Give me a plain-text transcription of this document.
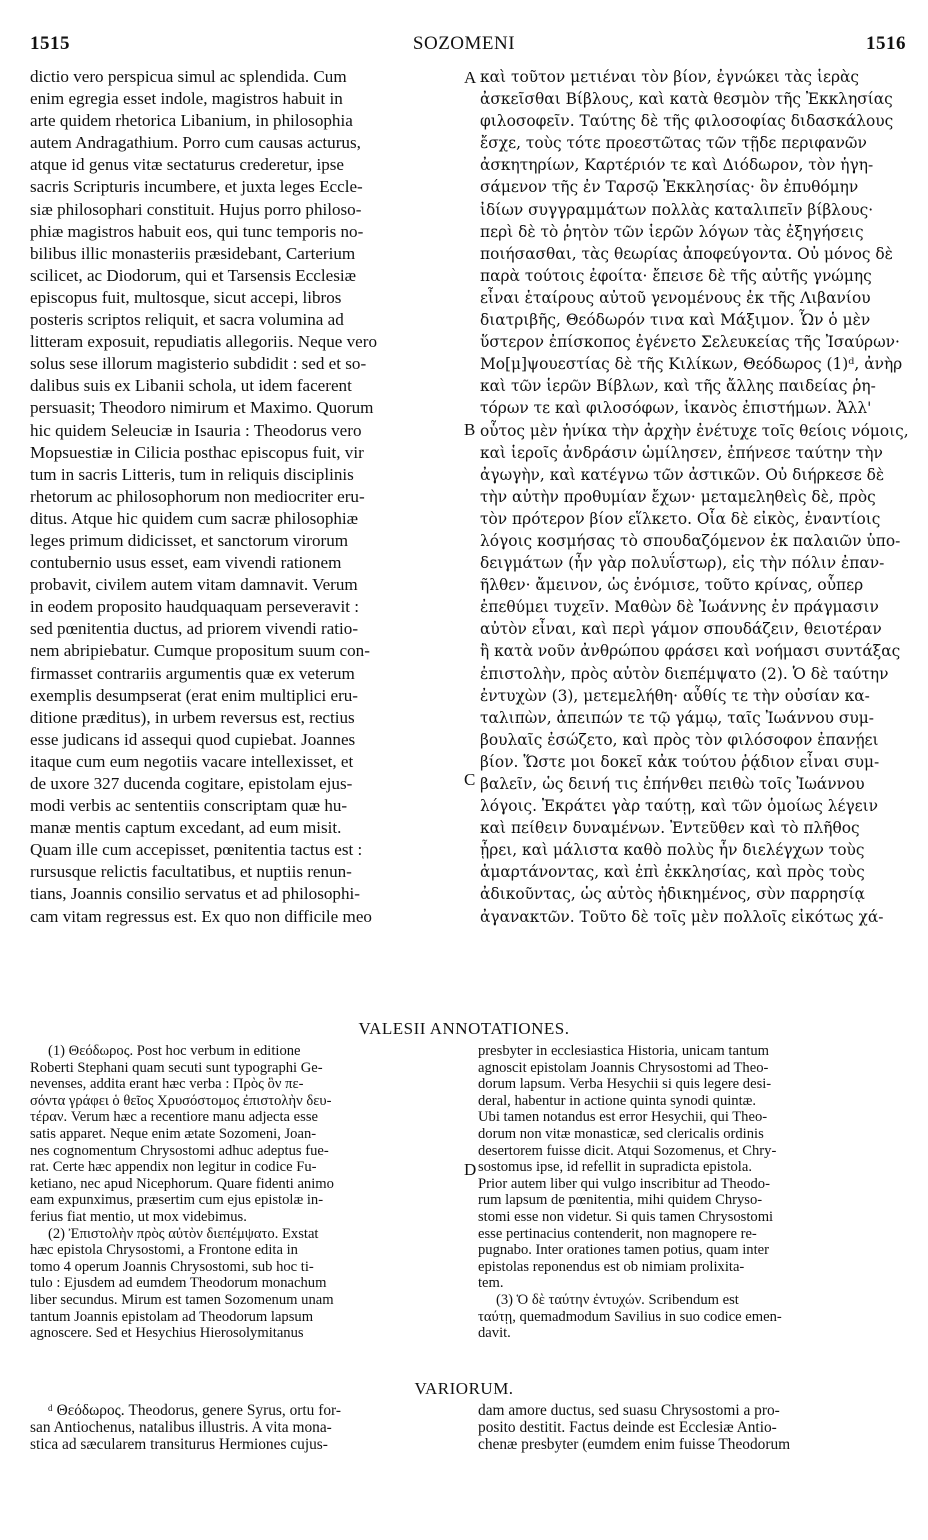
1515	SOZOMENI	1516
dictio vero perspicua simul ac splendida. Cum
enim egregia esset indole, magistros habuit in
arte quidem rhetorica Libanium, in philosophia
autem Andragathium. Porro cum causas acturus,
atque id genus vitæ sectaturus crederetur, ipse
sacris Scripturis incumbere, et juxta leges Eccle-
siæ philosophari constituit. Hujus porro philoso-
phiæ magistros habuit eos, qui tunc temporis no-
bilibus illic monasteriis præsidebant, Carterium
scilicet, ac Diodorum, qui et Tarsensis Ecclesiæ
episcopus fuit, multosque, sicut accepi, libros
posteris scriptos reliquit, et sacra volumina ad
litteram exposuit, repudiatis allegoriis. Neque vero
solus sese illorum magisterio subdidit : sed et so-
dalibus suis ex Libanii schola, ut idem facerent
persuasit; Theodoro nimirum et Maximo. Quorum
hic quidem Seleuciæ in Isauria : Theodorus vero
Mopsuestiæ in Cilicia posthac episcopus fuit, vir
tum in sacris Litteris, tum in reliquis disciplinis
rhetorum ac philosophorum non mediocriter eru-
ditus. Atque hic quidem cum sacræ philosophiæ
leges primum didicisset, et sanctorum virorum
contubernio usus esset, eam vivendi rationem
probavit, civilem autem vitam damnavit. Verum
in eodem proposito haudquaquam perseveravit :
sed pœnitentia ductus, ad priorem vivendi ratio-
nem abripiebatur. Cumque propositum suum con-
firmasset contrariis argumentis quæ ex veterum
exemplis desumpserat (erat enim multiplici eru-
ditione præditus), in urbem reversus est, rectius
esse judicans id assequi quod cupiebat. Joannes
itaque cum eum negotiis vacare intellexisset, et
de uxore 327 ducenda cogitare, epistolam ejus-
modi verbis ac sententiis conscriptam quæ hu-
manæ mentis captum excedant, ad eum misit.
Quam ille cum accepisset, pœnitentia tactus est :
rursusque relictis facultatibus, et nuptiis renun-
tians, Joannis consilio servatus et ad philosophi-
cam vitam regressus est. Ex quo non difficile meo
καὶ τοῦτον μετιέναι τὸν βίον, ἐγνώκει τὰς ἱερὰς
ἀσκεῖσθαι Βίβλους, καὶ κατὰ θεσμὸν τῆς Ἐκκλησίας
φιλοσοφεῖν. Ταύτης δὲ τῆς φιλοσοφίας διδασκάλους
ἔσχε, τοὺς τότε προεστῶτας τῶν τῇδε περιφανῶν
ἀσκητηρίων, Καρτέριόν τε καὶ Διόδωρον, τὸν ἡγη-
σάμενον τῆς ἐν Ταρσῷ Ἐκκλησίας· ὃν ἐπυθόμην
ἰδίων συγγραμμάτων πολλὰς καταλιπεῖν βίβλους·
περὶ δὲ τὸ ῥητὸν τῶν ἱερῶν λόγων τὰς ἐξηγήσεις
ποιήσασθαι, τὰς θεωρίας ἀποφεύγοντα. Οὐ μόνος δὲ
παρὰ τούτοις ἐφοίτα· ἔπεισε δὲ τῆς αὐτῆς γνώμης
εἶναι ἑταίρους αὐτοῦ γενομένους ἐκ τῆς Λιβανίου
διατριβῆς, Θεόδωρόν τινα καὶ Μάξιμον. Ὧν ὁ μὲν
ὕστερον ἐπίσκοπος ἐγένετο Σελευκείας τῆς Ἰσαύρων·
Μο[μ]ψουεστίας δὲ τῆς Κιλίκων, Θεόδωρος (1)ᵈ, ἀνὴρ
καὶ τῶν ἱερῶν Βίβλων, καὶ τῆς ἄλλης παιδείας ῥη-
τόρων τε καὶ φιλοσόφων, ἱκανὸς ἐπιστήμων. Ἀλλ'
οὗτος μὲν ἡνίκα τὴν ἀρχὴν ἐνέτυχε τοῖς θείοις νόμοις,
καὶ ἱεροῖς ἀνδράσιν ὡμίλησεν, ἐπήνεσε ταύτην τὴν
ἀγωγὴν, καὶ κατέγνω τῶν ἀστικῶν. Οὐ διήρκεσε δὲ
τὴν αὐτὴν προθυμίαν ἔχων· μεταμεληθεὶς δὲ, πρὸς
τὸν πρότερον βίον εἵλκετο. Οἷα δὲ εἰκὸς, ἐναντίοις
λόγοις κοσμήσας τὸ σπουδαζόμενον ἐκ παλαιῶν ὑπο-
δειγμάτων (ἦν γὰρ πολυΐστωρ), εἰς τὴν πόλιν ἐπαν-
ῆλθεν· ἄμεινον, ὡς ἐνόμισε, τοῦτο κρίνας, οὗπερ
ἐπεθύμει τυχεῖν. Μαθὼν δὲ Ἰωάννης ἐν πράγμασιν
αὐτὸν εἶναι, καὶ περὶ γάμον σπουδάζειν, θειοτέραν
ἢ κατὰ νοῦν ἀνθρώπου φράσει καὶ νοήμασι συντάξας
ἐπιστολὴν, πρὸς αὐτὸν διεπέμψατο (2). Ὁ δὲ ταύτην
ἐντυχὼν (3), μετεμελήθη· αὖθίς τε τὴν οὐσίαν κα-
ταλιπὼν, ἀπειπών τε τῷ γάμῳ, ταῖς Ἰωάννου συμ-
βουλαῖς ἐσώζετο, καὶ πρὸς τὸν φιλόσοφον ἐπανῄει
βίον. Ὥστε μοι δοκεῖ κἀκ τούτου ῥᾴδιον εἶναι συμ-
βαλεῖν, ὡς δεινή τις ἐπήνθει πειθὼ τοῖς Ἰωάννου
λόγοις. Ἐκράτει γὰρ ταύτῃ, καὶ τῶν ὁμοίως λέγειν
καὶ πείθειν δυναμένων. Ἐντεῦθεν καὶ τὸ πλῆθος
ᾖρει, καὶ μάλιστα καθὸ πολὺς ἦν διελέγχων τοὺς
ἁμαρτάνοντας, καὶ ἐπὶ ἐκκλησίας, καὶ πρὸς τοὺς
ἀδικοῦντας, ὡς αὐτὸς ἠδικημένος, σὺν παρρησίᾳ
ἀγανακτῶν. Τοῦτο δὲ τοῖς μὲν πολλοῖς εἰκότως χά-
A
B
C
D
VALESII ANNOTATIONES.
(1) Θεόδωρος. Post hoc verbum in editione
Roberti Stephani quam secuti sunt typographi Ge-
nevenses, addita erant hæc verba : Πρὸς ὃν πε-
σόντα γράφει ὁ θεῖος Χρυσόστομος ἐπιστολὴν δευ-
τέραν. Verum hæc a recentiore manu adjecta esse
satis apparet. Neque enim ætate Sozomeni, Joan-
nes cognomentum Chrysostomi adhuc adeptus fue-
rat. Certe hæc appendix non legitur in codice Fu-
ketiano, nec apud Nicephorum. Quare fidenti animo
eam expunximus, præsertim cum ejus epistolæ in-
ferius fiat mentio, ut mox videbimus.
(2) Ἐπιστολὴν πρὸς αὐτὸν διεπέμψατο. Exstat
hæc epistola Chrysostomi, a Frontone edita in
tomo 4 operum Joannis Chrysostomi, sub hoc ti-
tulo : Ejusdem ad eumdem Theodorum monachum
liber secundus. Mirum est tamen Sozomenum unam
tantum Joannis epistolam ad Theodorum lapsum
agnoscere. Sed et Hesychius Hierosolymitanus
presbyter in ecclesiastica Historia, unicam tantum
agnoscit epistolam Joannis Chrysostomi ad Theo-
dorum lapsum. Verba Hesychii si quis legere desi-
deral, habentur in actione quinta synodi quintæ.
Ubi tamen notandus est error Hesychii, qui Theo-
dorum non vitæ monasticæ, sed clericalis ordinis
desertorem fuisse dicit. Atqui Sozomenus, et Chry-
sostomus ipse, id refellit in supradicta epistola.
Prior autem liber qui vulgo inscribitur ad Theodo-
rum lapsum de pœnitentia, mihi quidem Chryso-
stomi esse non videtur. Si quis tamen Chrysostomi
esse pertinacius contenderit, non magnopere re-
pugnabo. Inter orationes tamen potius, quam inter
epistolas reponendus est ob nimiam prolixita-
tem.
(3) Ὁ δὲ ταύτην ἐντυχών. Scribendum est
ταύτῃ, quemadmodum Savilius in suo codice emen-
davit.
VARIORUM.
ᵈ Θεόδωρος. Theodorus, genere Syrus, ortu for-
san Antiochenus, natalibus illustris. A vita mona-
stica ad sæcularem transiturus Hermiones cujus-
dam amore ductus, sed suasu Chrysostomi a pro-
posito destitit. Factus deinde est Ecclesiæ Antio-
chenæ presbyter (eumdem enim fuisse Theodorum
